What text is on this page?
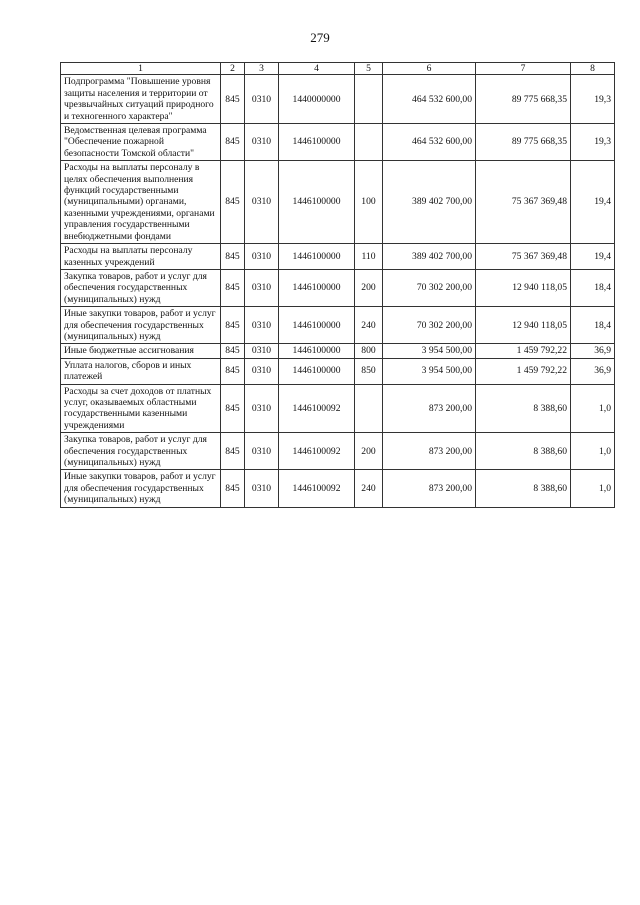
279
1	2	3	4	5	6	7	8
Подпрограмма "Повышение уровня защиты населения и территории от чрезвычайных ситуаций природного и техногенного характера"	845	0310	1440000000		464 532 600,00	89 775 668,35	19,3
Ведомственная целевая программа "Обеспечение пожарной безопасности Томской области"	845	0310	1446100000		464 532 600,00	89 775 668,35	19,3
Расходы на выплаты персоналу в целях обеспечения выполнения функций государственными (муниципальными) органами, казенными учреждениями, органами управления государственными внебюджетными фондами	845	0310	1446100000	100	389 402 700,00	75 367 369,48	19,4
Расходы на выплаты персоналу казенных учреждений	845	0310	1446100000	110	389 402 700,00	75 367 369,48	19,4
Закупка товаров, работ и услуг для обеспечения государственных (муниципальных) нужд	845	0310	1446100000	200	70 302 200,00	12 940 118,05	18,4
Иные закупки товаров, работ и услуг для обеспечения государственных (муниципальных) нужд	845	0310	1446100000	240	70 302 200,00	12 940 118,05	18,4
Иные бюджетные ассигнования	845	0310	1446100000	800	3 954 500,00	1 459 792,22	36,9
Уплата налогов, сборов и иных платежей	845	0310	1446100000	850	3 954 500,00	1 459 792,22	36,9
Расходы за счет доходов от платных услуг, оказываемых областными государственными казенными учреждениями	845	0310	1446100092		873 200,00	8 388,60	1,0
Закупка товаров, работ и услуг для обеспечения государственных (муниципальных) нужд	845	0310	1446100092	200	873 200,00	8 388,60	1,0
Иные закупки товаров, работ и услуг для обеспечения государственных (муниципальных) нужд	845	0310	1446100092	240	873 200,00	8 388,60	1,0
